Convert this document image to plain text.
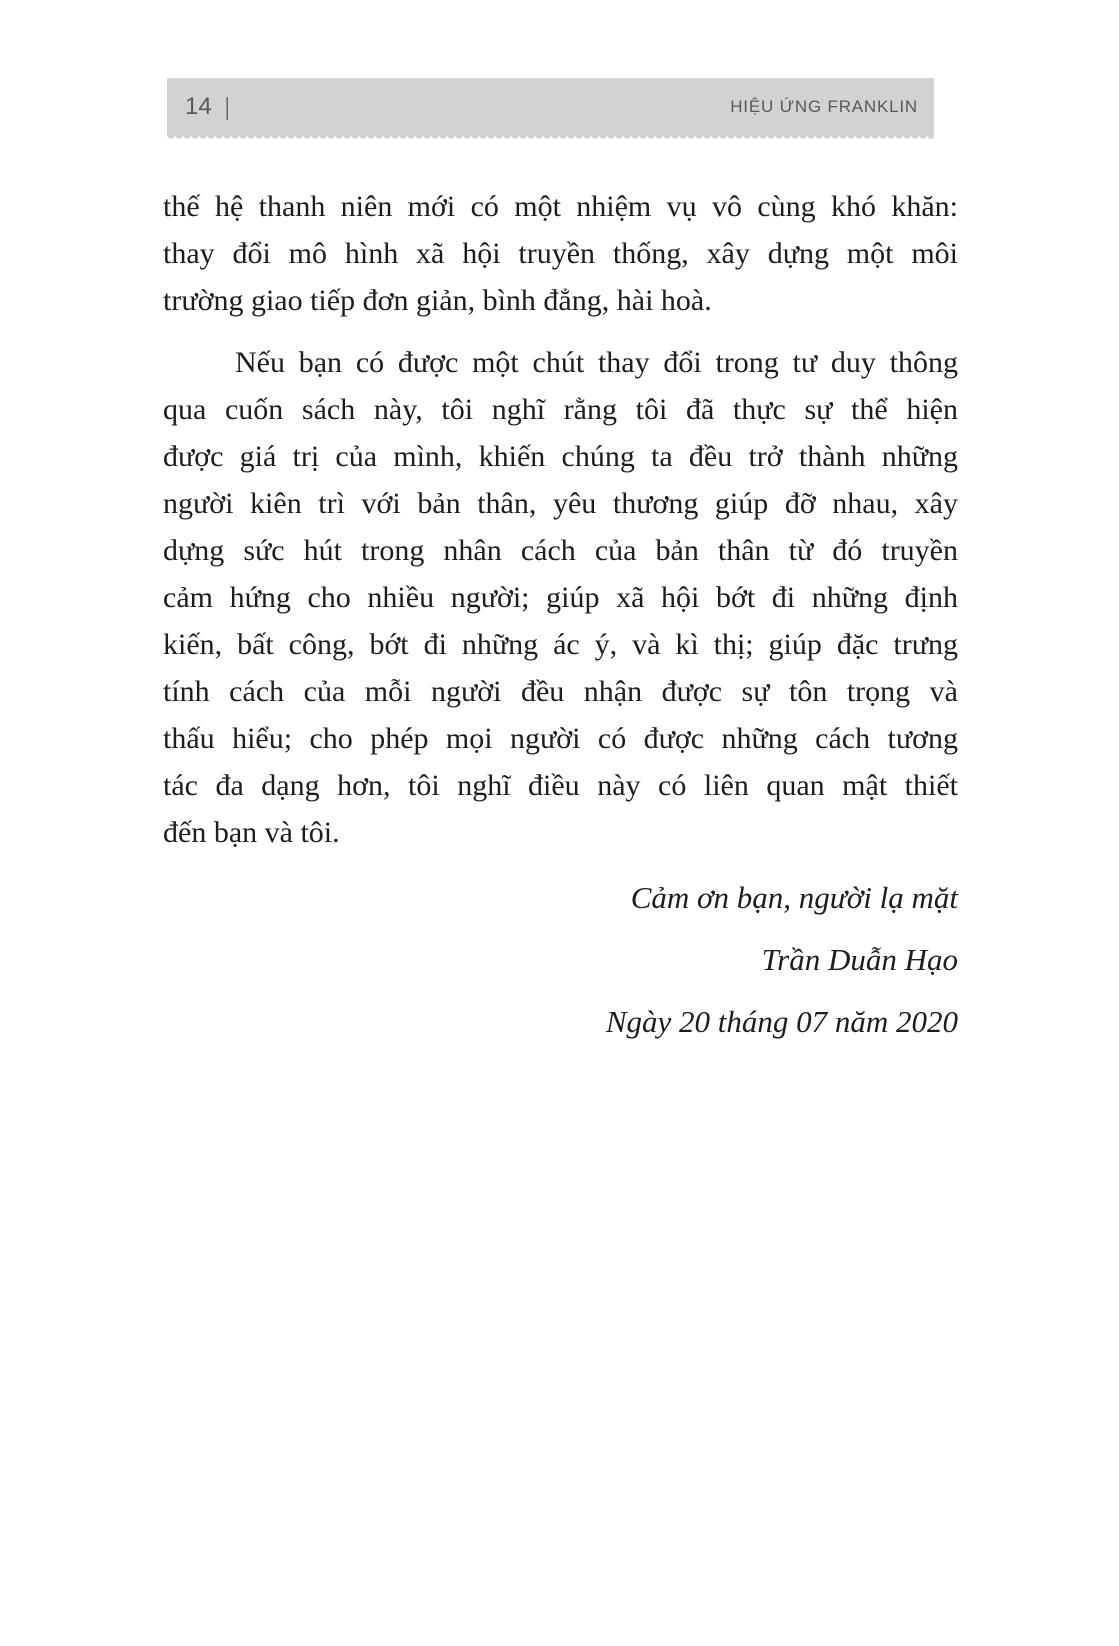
14 |	HIỆU ỨNG FRANKLIN
thế hệ thanh niên mới có một nhiệm vụ vô cùng khó khăn:
thay đổi mô hình xã hội truyền thống, xây dựng một môi
trường giao tiếp đơn giản, bình đẳng, hài hoà.
Nếu bạn có được một chút thay đổi trong tư duy thông
qua cuốn sách này, tôi nghĩ rằng tôi đã thực sự thể hiện
được giá trị của mình, khiến chúng ta đều trở thành những
người kiên trì với bản thân, yêu thương giúp đỡ nhau, xây
dựng sức hút trong nhân cách của bản thân từ đó truyền
cảm hứng cho nhiều người; giúp xã hội bớt đi những định
kiến, bất công, bớt đi những ác ý, và kì thị; giúp đặc trưng
tính cách của mỗi người đều nhận được sự tôn trọng và
thấu hiểu; cho phép mọi người có được những cách tương
tác đa dạng hơn, tôi nghĩ điều này có liên quan mật thiết
đến bạn và tôi.
Cảm ơn bạn, người lạ mặt
Trần Duẫn Hạo
Ngày 20 tháng 07 năm 2020
